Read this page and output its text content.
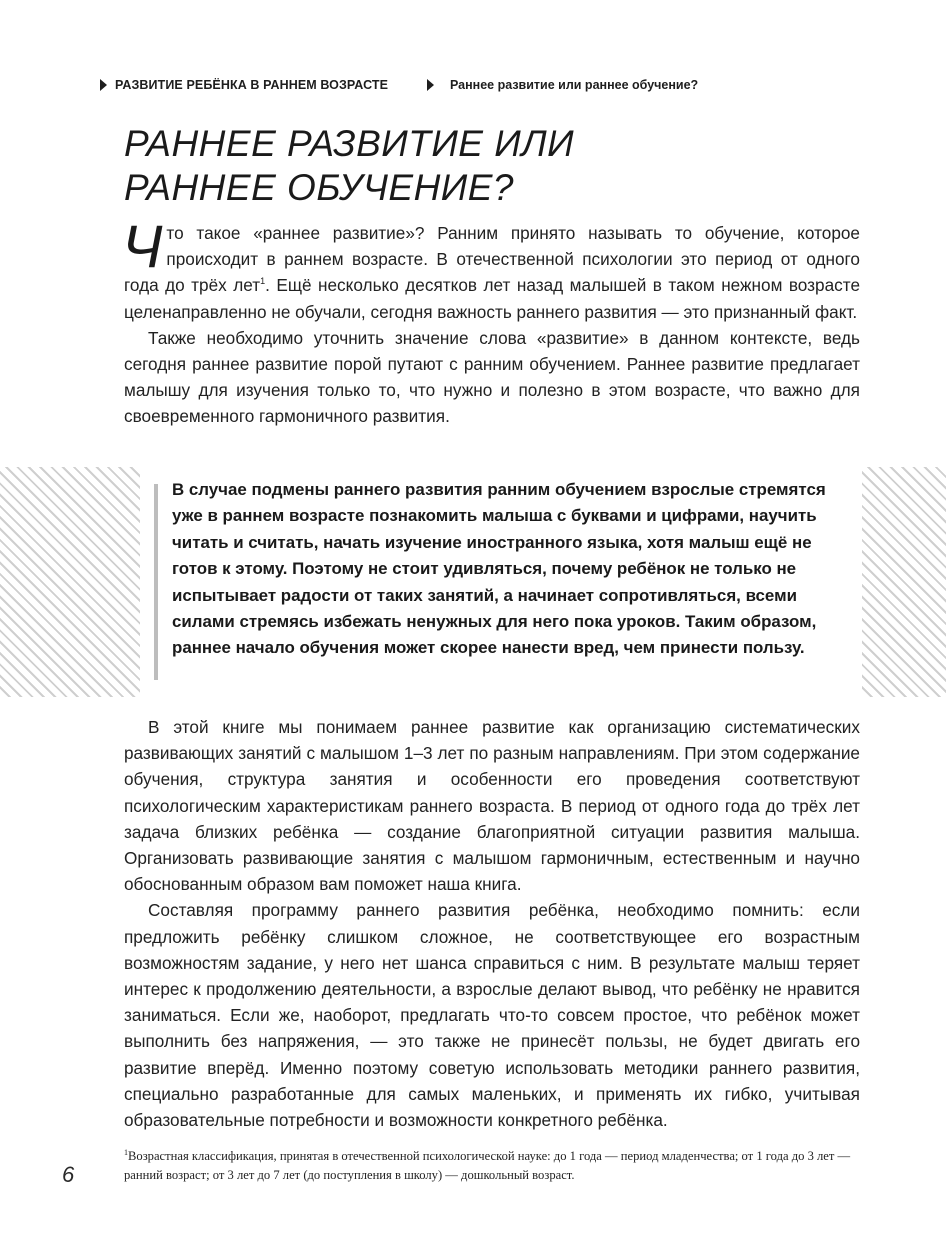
РАЗВИТИЕ РЕБЁНКА В РАННЕМ ВОЗРАСТЕ	Раннее развитие или раннее обучение?
РАННЕЕ РАЗВИТИЕ ИЛИ РАННЕЕ ОБУЧЕНИЕ?

Что такое «раннее развитие»? Ранним принято называть то обучение, которое происходит в раннем возрасте. В отечественной психологии это период от одного года до трёх лет$^1$. Ещё несколько десятков лет назад малышей в таком нежном возрасте целенаправленно не обучали, сегодня важность раннего развития — это признанный факт.

Также необходимо уточнить значение слова «развитие» в данном контексте, ведь сегодня раннее развитие порой путают с ранним обучением. Раннее развитие предлагает малышу для изучения только то, что нужно и полезно в этом возрасте, что важно для своевременного гармоничного развития.

В случае подмены раннего развития ранним обучением взрослые стремятся уже в раннем возрасте познакомить малыша с буквами и цифрами, научить читать и считать, начать изучение иностранного языка, хотя малыш ещё не готов к этому. Поэтому не стоит удивляться, почему ребёнок не только не испытывает радости от таких занятий, а начинает сопротивляться, всеми силами стремясь избежать ненужных для него пока уроков. Таким образом, раннее начало обучения может скорее нанести вред, чем принести пользу.

В этой книге мы понимаем раннее развитие как организацию систематических развивающих занятий с малышом 1–3 лет по разным направлениям. При этом содержание обучения, структура занятия и особенности его проведения соответствуют психологическим характеристикам раннего возраста. В период от одного года до трёх лет задача близких ребёнка — создание благоприятной ситуации развития малыша. Организовать развивающие занятия с малышом гармоничным, естественным и научно обоснованным образом вам поможет наша книга.

Составляя программу раннего развития ребёнка, необходимо помнить: если предложить ребёнку слишком сложное, не соответствующее его возрастным возможностям задание, у него нет шанса справиться с ним. В результате малыш теряет интерес к продолжению деятельности, а взрослые делают вывод, что ребёнку не нравится заниматься. Если же, наоборот, предлагать что-то совсем простое, что ребёнок может выполнить без напряжения, — это также не принесёт пользы, не будет двигать его развитие вперёд. Именно поэтому советую использовать методики раннего развития, специально разработанные для самых маленьких, и применять их гибко, учитывая образовательные потребности и возможности конкретного ребёнка.

$^1$Возрастная классификация, принятая в отечественной психологической науке: до 1 года — период младенчества; от 1 года до 3 лет — ранний возраст; от 3 лет до 7 лет (до поступления в школу) — дошкольный возраст.

6
